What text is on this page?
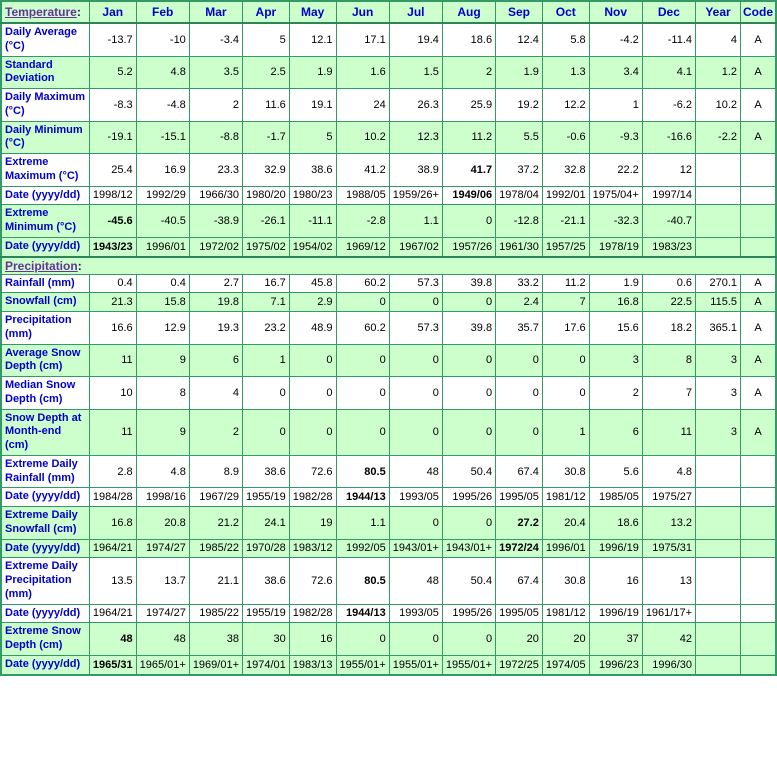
Temperature:	Jan	Feb	Mar	Apr	May	Jun	Jul	Aug	Sep	Oct	Nov	Dec	Year	Code
Daily Average (°C)	-13.7	-10	-3.4	5	12.1	17.1	19.4	18.6	12.4	5.8	-4.2	-11.4	4	A
Standard Deviation	5.2	4.8	3.5	2.5	1.9	1.6	1.5	2	1.9	1.3	3.4	4.1	1.2	A
Daily Maximum (°C)	-8.3	-4.8	2	11.6	19.1	24	26.3	25.9	19.2	12.2	1	-6.2	10.2	A
Daily Minimum (°C)	-19.1	-15.1	-8.8	-1.7	5	10.2	12.3	11.2	5.5	-0.6	-9.3	-16.6	-2.2	A
Extreme Maximum (°C)	25.4	16.9	23.3	32.9	38.6	41.2	38.9	41.7	37.2	32.8	22.2	12		
Date (yyyy/dd)	1998/12	1992/29	1966/30	1980/20	1980/23	1988/05	1959/26+	1949/06	1978/04	1992/01	1975/04+	1997/14		
Extreme Minimum (°C)	-45.6	-40.5	-38.9	-26.1	-11.1	-2.8	1.1	0	-12.8	-21.1	-32.3	-40.7		
Date (yyyy/dd)	1943/23	1996/01	1972/02	1975/02	1954/02	1969/12	1967/02	1957/26	1961/30	1957/25	1978/19	1983/23		
Precipitation:														
Rainfall (mm)	0.4	0.4	2.7	16.7	45.8	60.2	57.3	39.8	33.2	11.2	1.9	0.6	270.1	A
Snowfall (cm)	21.3	15.8	19.8	7.1	2.9	0	0	0	2.4	7	16.8	22.5	115.5	A
Precipitation (mm)	16.6	12.9	19.3	23.2	48.9	60.2	57.3	39.8	35.7	17.6	15.6	18.2	365.1	A
Average Snow Depth (cm)	11	9	6	1	0	0	0	0	0	0	3	8	3	A
Median Snow Depth (cm)	10	8	4	0	0	0	0	0	0	0	2	7	3	A
Snow Depth at Month-end (cm)	11	9	2	0	0	0	0	0	0	1	6	11	3	A
Extreme Daily Rainfall (mm)	2.8	4.8	8.9	38.6	72.6	80.5	48	50.4	67.4	30.8	5.6	4.8		
Date (yyyy/dd)	1984/28	1998/16	1967/29	1955/19	1982/28	1944/13	1993/05	1995/26	1995/05	1981/12	1985/05	1975/27		
Extreme Daily Snowfall (cm)	16.8	20.8	21.2	24.1	19	1.1	0	0	27.2	20.4	18.6	13.2		
Date (yyyy/dd)	1964/21	1974/27	1985/22	1970/28	1983/12	1992/05	1943/01+	1943/01+	1972/24	1996/01	1996/19	1975/31		
Extreme Daily Precipitation (mm)	13.5	13.7	21.1	38.6	72.6	80.5	48	50.4	67.4	30.8	16	13		
Date (yyyy/dd)	1964/21	1974/27	1985/22	1955/19	1982/28	1944/13	1993/05	1995/26	1995/05	1981/12	1996/19	1961/17+		
Extreme Snow Depth (cm)	48	48	38	30	16	0	0	0	20	20	37	42		
Date (yyyy/dd)	1965/31	1965/01+	1969/01+	1974/01	1983/13	1955/01+	1955/01+	1955/01+	1972/25	1974/05	1996/23	1996/30		
